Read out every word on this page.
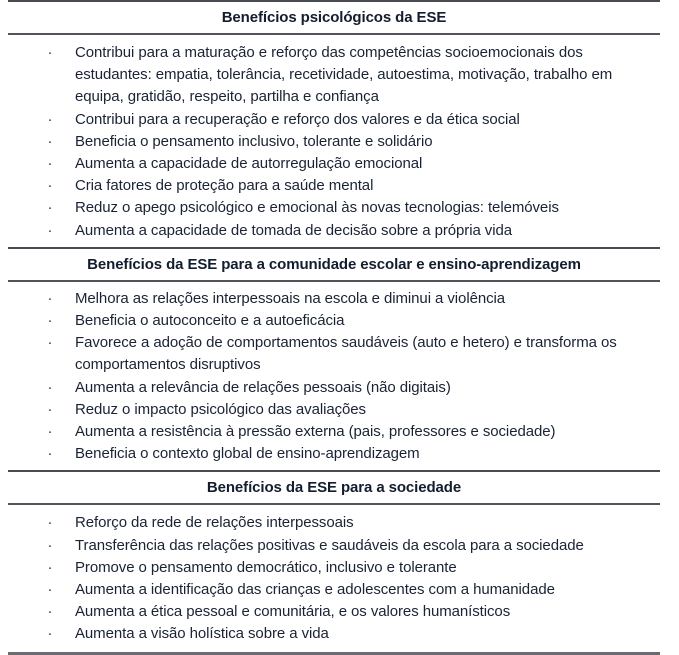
Benefícios psicológicos da ESE
· Contribui para a maturação e reforço das competências socioemocionais dos estudantes: empatia, tolerância, recetividade, autoestima, motivação, trabalho em equipa, gratidão, respeito, partilha e confiança
· Contribui para a recuperação e reforço dos valores e da ética social
· Beneficia o pensamento inclusivo, tolerante e solidário
· Aumenta a capacidade de autorregulação emocional
· Cria fatores de proteção para a saúde mental
· Reduz o apego psicológico e emocional às novas tecnologias: telemóveis
· Aumenta a capacidade de tomada de decisão sobre a própria vida
Benefícios da ESE para a comunidade escolar e ensino-aprendizagem
· Melhora as relações interpessoais na escola e diminui a violência
· Beneficia o autoconceito e a autoeficácia
· Favorece a adoção de comportamentos saudáveis (auto e hetero) e transforma os comportamentos disruptivos
· Aumenta a relevância de relações pessoais (não digitais)
· Reduz o impacto psicológico das avaliações
· Aumenta a resistência à pressão externa (pais, professores e sociedade)
· Beneficia o contexto global de ensino-aprendizagem
Benefícios da ESE para a sociedade
· Reforço da rede de relações interpessoais
· Transferência das relações positivas e saudáveis da escola para a sociedade
· Promove o pensamento democrático, inclusivo e tolerante
· Aumenta a identificação das crianças e adolescentes com a humanidade
· Aumenta a ética pessoal e comunitária, e os valores humanísticos
· Aumenta a visão holística sobre a vida
